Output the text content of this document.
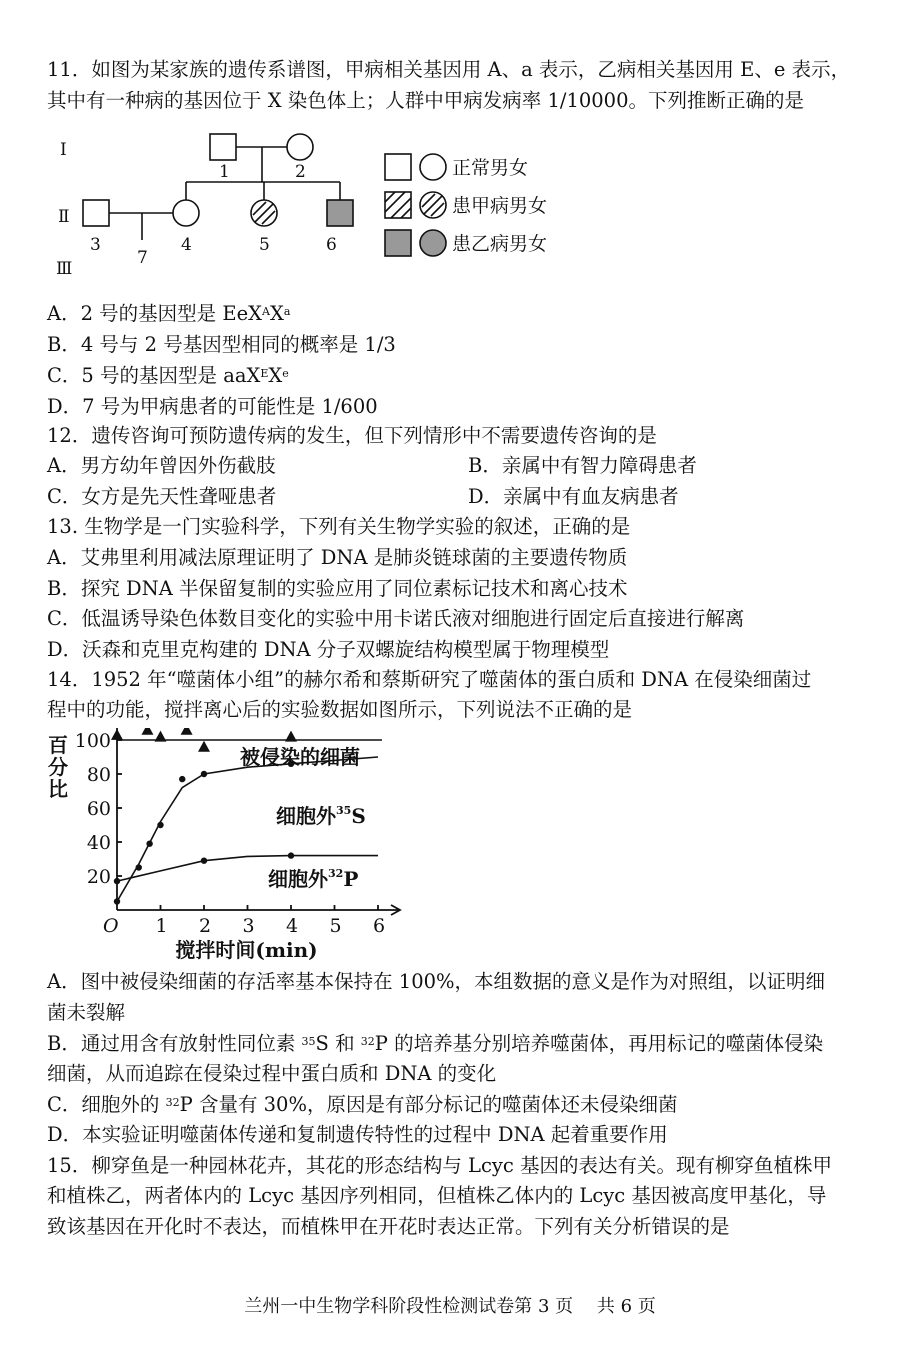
11．如图为某家族的遗传系谱图，甲病相关基因用 A、a 表示，乙病相关基因用 E、e 表示，
其中有一种病的基因位于 X 染色体上；人群中甲病发病率 1/10000。下列推断正确的是
Ⅰ
Ⅱ
Ⅲ
1	2
3	4	5	6
7
正常男女
患甲病男女
患乙病男女
A．2 号的基因型是 $EeX^AX^a$
B．4 号与 2 号基因型相同的概率是 1/3
C．5 号的基因型是 aaX$^E$Xe
D．7 号为甲病患者的可能性是 1/600
12．遗传咨询可预防遗传病的发生，但下列情形中不需要遗传咨询的是
A．男方幼年曾因外伤截肢	B．亲属中有智力障碍患者
C．女方是先天性聋哑患者	D．亲属中有血友病患者
13. 生物学是一门实验科学，下列有关生物学实验的叙述，正确的是
A．艾弗里利用减法原理证明了 DNA 是肺炎链球菌的主要遗传物质
B．探究 DNA 半保留复制的实验应用了同位素标记技术和离心技术
C．低温诱导染色体数目变化的实验中用卡诺氏液对细胞进行固定后直接进行解离
D．沃森和克里克构建的 DNA 分子双螺旋结构模型属于物理模型
14．1952 年“噬菌体小组”的赫尔希和蔡斯研究了噬菌体的蛋白质和 DNA 在侵染细菌过
程中的功能，搅拌离心后的实验数据如图所示，下列说法不正确的是
O 1 2 3 4 5 6
20
40
60
80
100
百
分
比
搅拌时间(min)
被侵染的细菌
细胞外$^{35}$S
细胞外$^{32}$P
A．图中被侵染细菌的存活率基本保持在 100%，本组数据的意义是作为对照组，以证明细
菌未裂解
B．通过用含有放射性同位素 $^{35}$S 和 $^{32}$P 的培养基分别培养噬菌体，再用标记的噬菌体侵染
细菌，从而追踪在侵染过程中蛋白质和 DNA 的变化
C．细胞外的 $^{32}$P 含量有 30%，原因是有部分标记的噬菌体还未侵染细菌
D．本实验证明噬菌体传递和复制遗传特性的过程中 DNA 起着重要作用
15．柳穿鱼是一种园林花卉，其花的形态结构与 Lcyc 基因的表达有关。现有柳穿鱼植株甲
和植株乙，两者体内的 Lcyc 基因序列相同，但植株乙体内的 Lcyc 基因被高度甲基化，导
致该基因在开化时不表达，而植株甲在开花时表达正常。下列有关分析错误的是
兰州一中生物学科阶段性检测试卷第 3 页　 共 6 页
